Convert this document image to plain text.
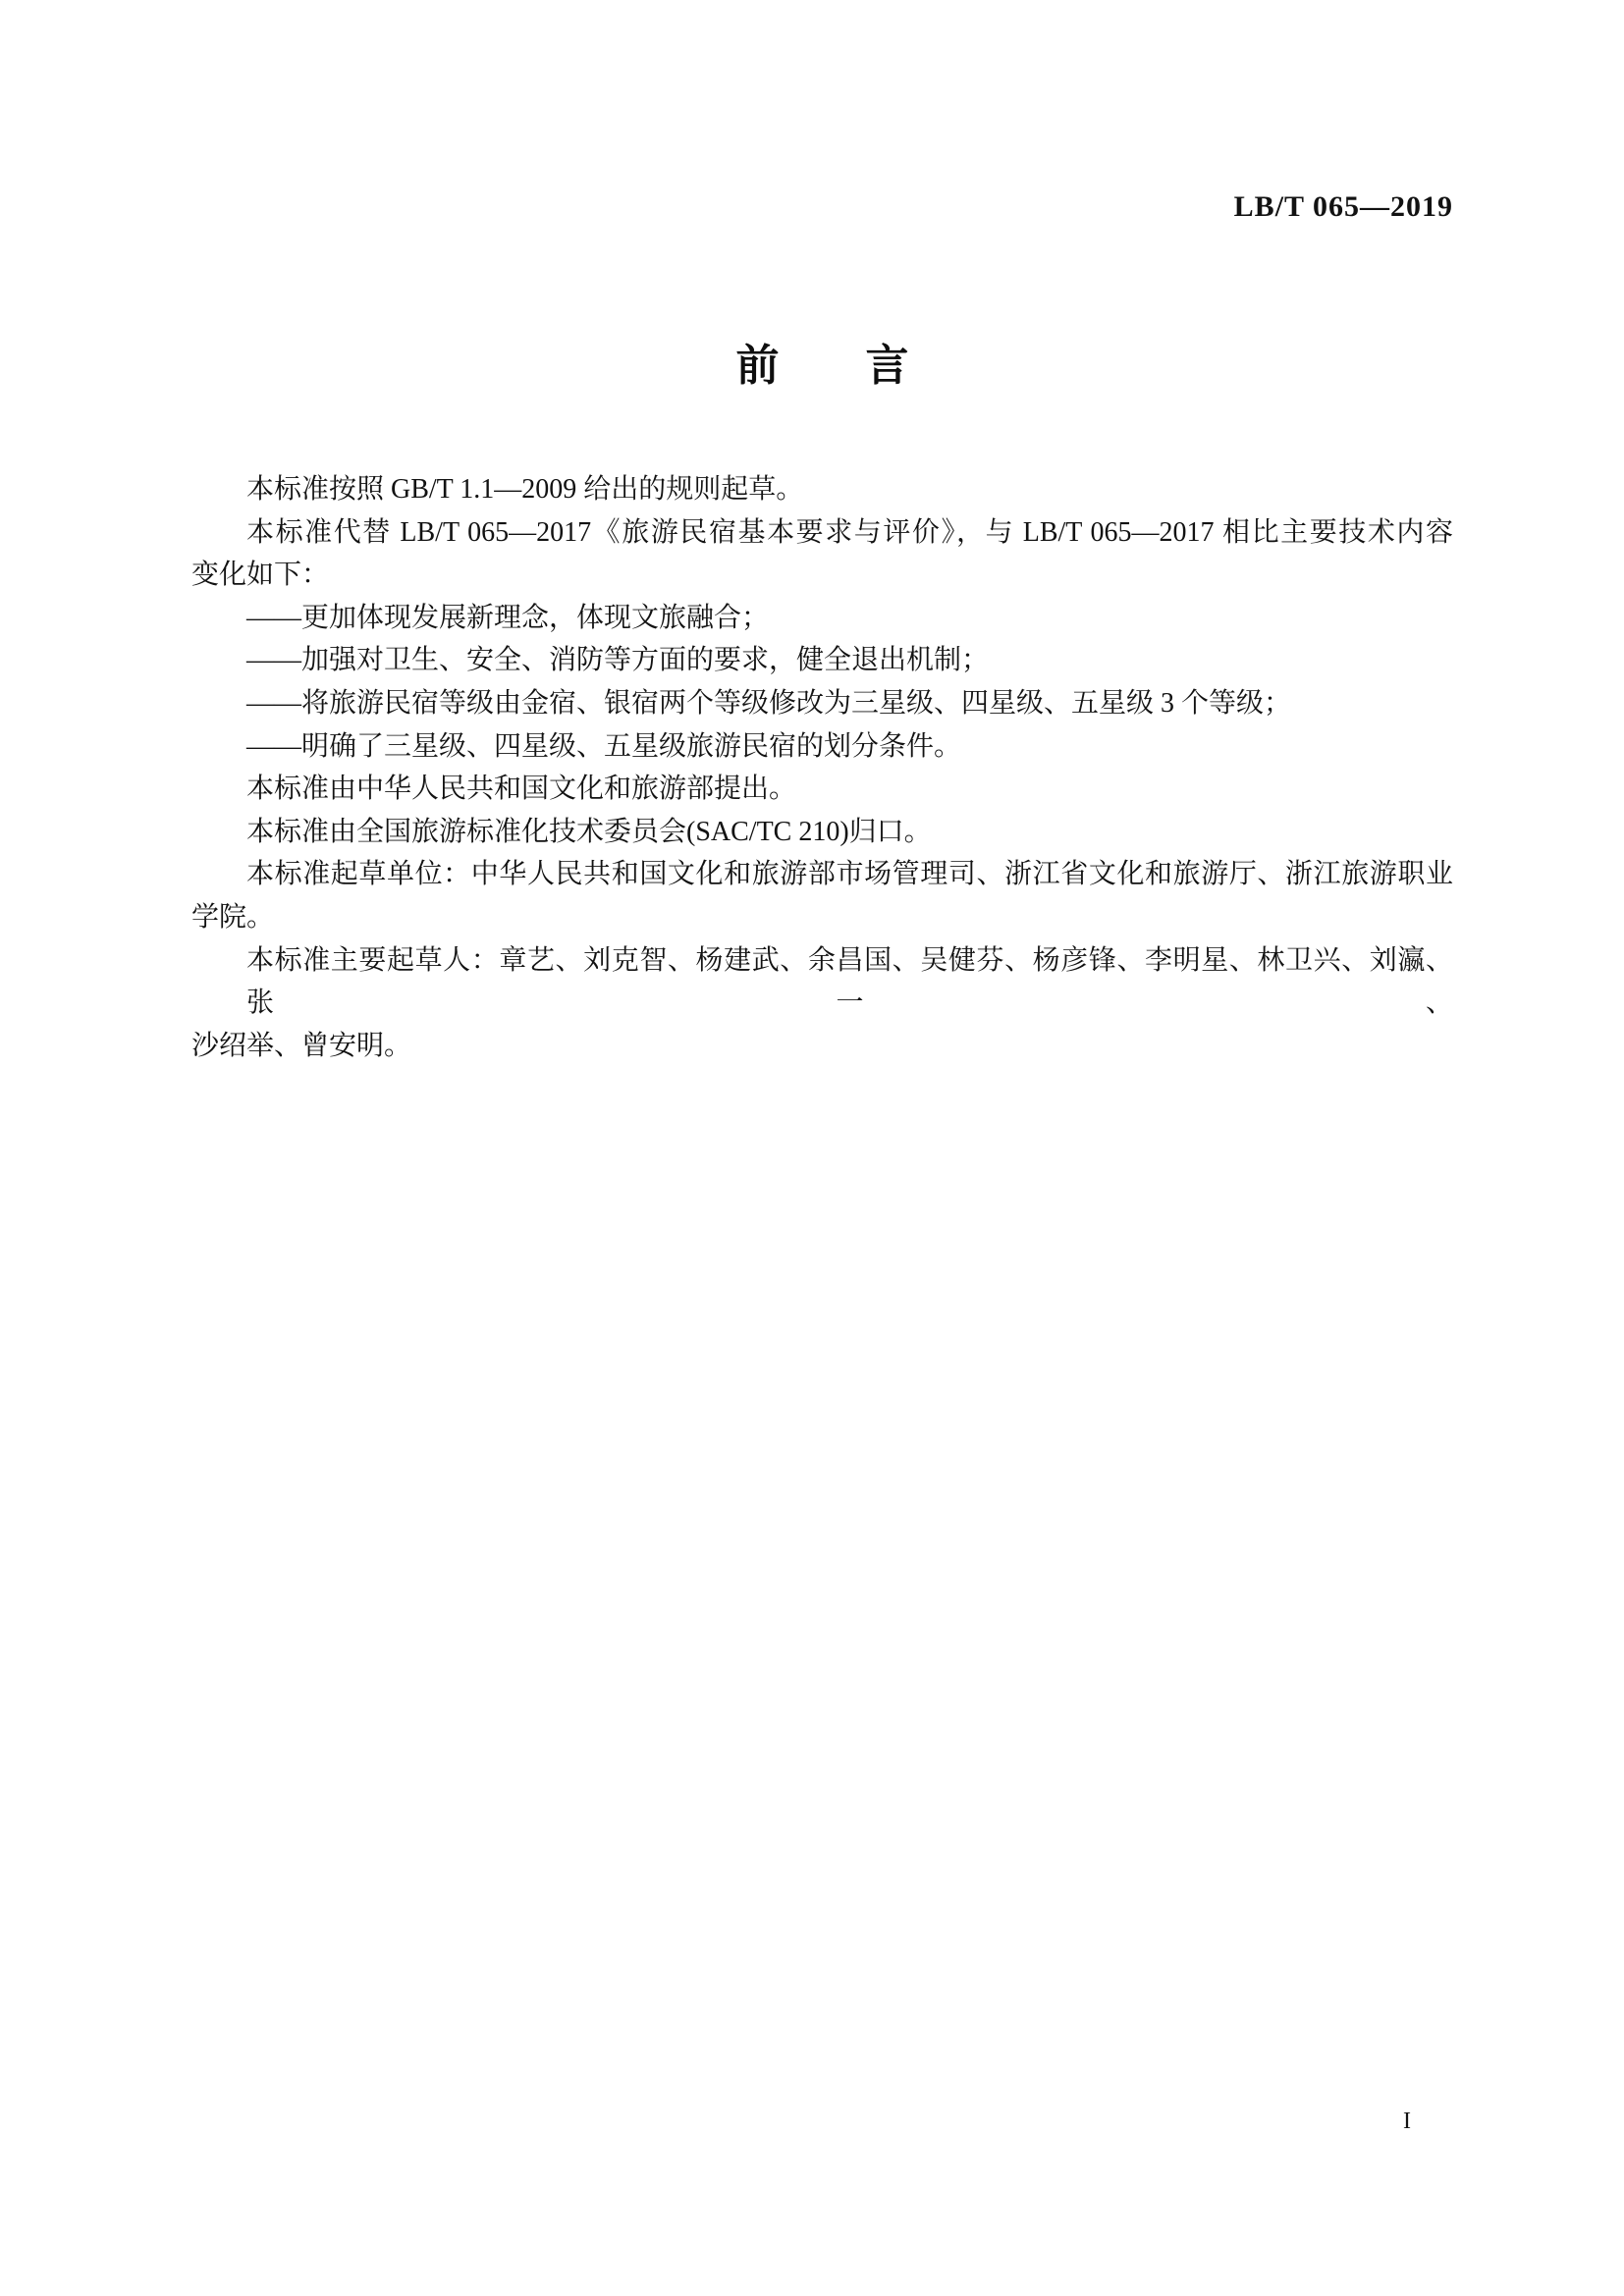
LB/T 065—2019
前　　言
本标准按照 GB/T 1.1—2009 给出的规则起草。
本标准代替 LB/T 065—2017《旅游民宿基本要求与评价》，与 LB/T 065—2017 相比主要技术内容
变化如下：
——更加体现发展新理念，体现文旅融合；
——加强对卫生、安全、消防等方面的要求，健全退出机制；
——将旅游民宿等级由金宿、银宿两个等级修改为三星级、四星级、五星级 3 个等级；
——明确了三星级、四星级、五星级旅游民宿的划分条件。
本标准由中华人民共和国文化和旅游部提出。
本标准由全国旅游标准化技术委员会(SAC/TC 210)归口。
本标准起草单位：中华人民共和国文化和旅游部市场管理司、浙江省文化和旅游厅、浙江旅游职业
学院。
本标准主要起草人：章艺、刘克智、杨建武、余昌国、吴健芬、杨彦锋、李明星、林卫兴、刘瀛、张一、
沙绍举、曾安明。
I
